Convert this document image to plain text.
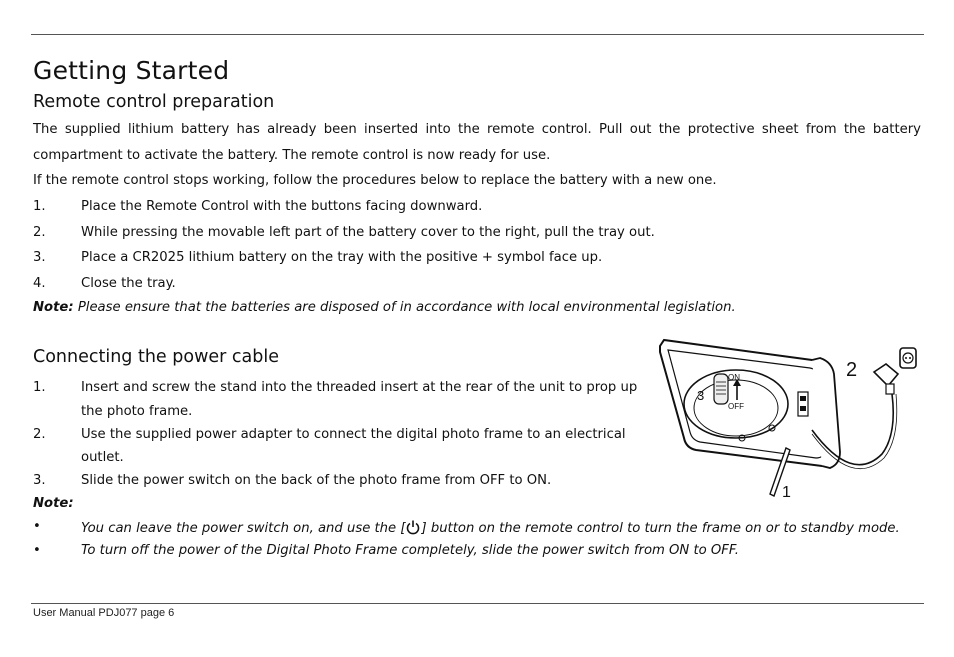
Getting Started
Remote control preparation

The supplied lithium battery has already been inserted into the remote control. Pull out the protective sheet from the battery

compartment to activate the battery. The remote control is now ready for use.

If the remote control stops working, follow the procedures below to replace the battery with a new one.

1.	Place the Remote Control with the buttons facing downward.
2.	While pressing the movable left part of the battery cover to the right, pull the tray out.
3.	Place a CR2025 lithium battery on the tray with the positive + symbol face up.
4.	Close the tray.
Note: Please ensure that the batteries are disposed of in accordance with local environmental legislation.
Connecting the power cable
1.	Insert and screw the stand into the threaded insert at the rear of the unit to prop up
the photo frame.
2.	Use the supplied power adapter to connect the digital photo frame to an electrical
outlet.
3.	Slide the power switch on the back of the photo frame from OFF to ON.
Note:
•	You can leave the power switch on, and use the [ ] button on the remote control to turn the frame on or to standby mode.
•	To turn off the power of the Digital Photo Frame completely, slide the power switch from ON to OFF.
ON
OFF
3
1
2
User Manual PDJ077 page 6
